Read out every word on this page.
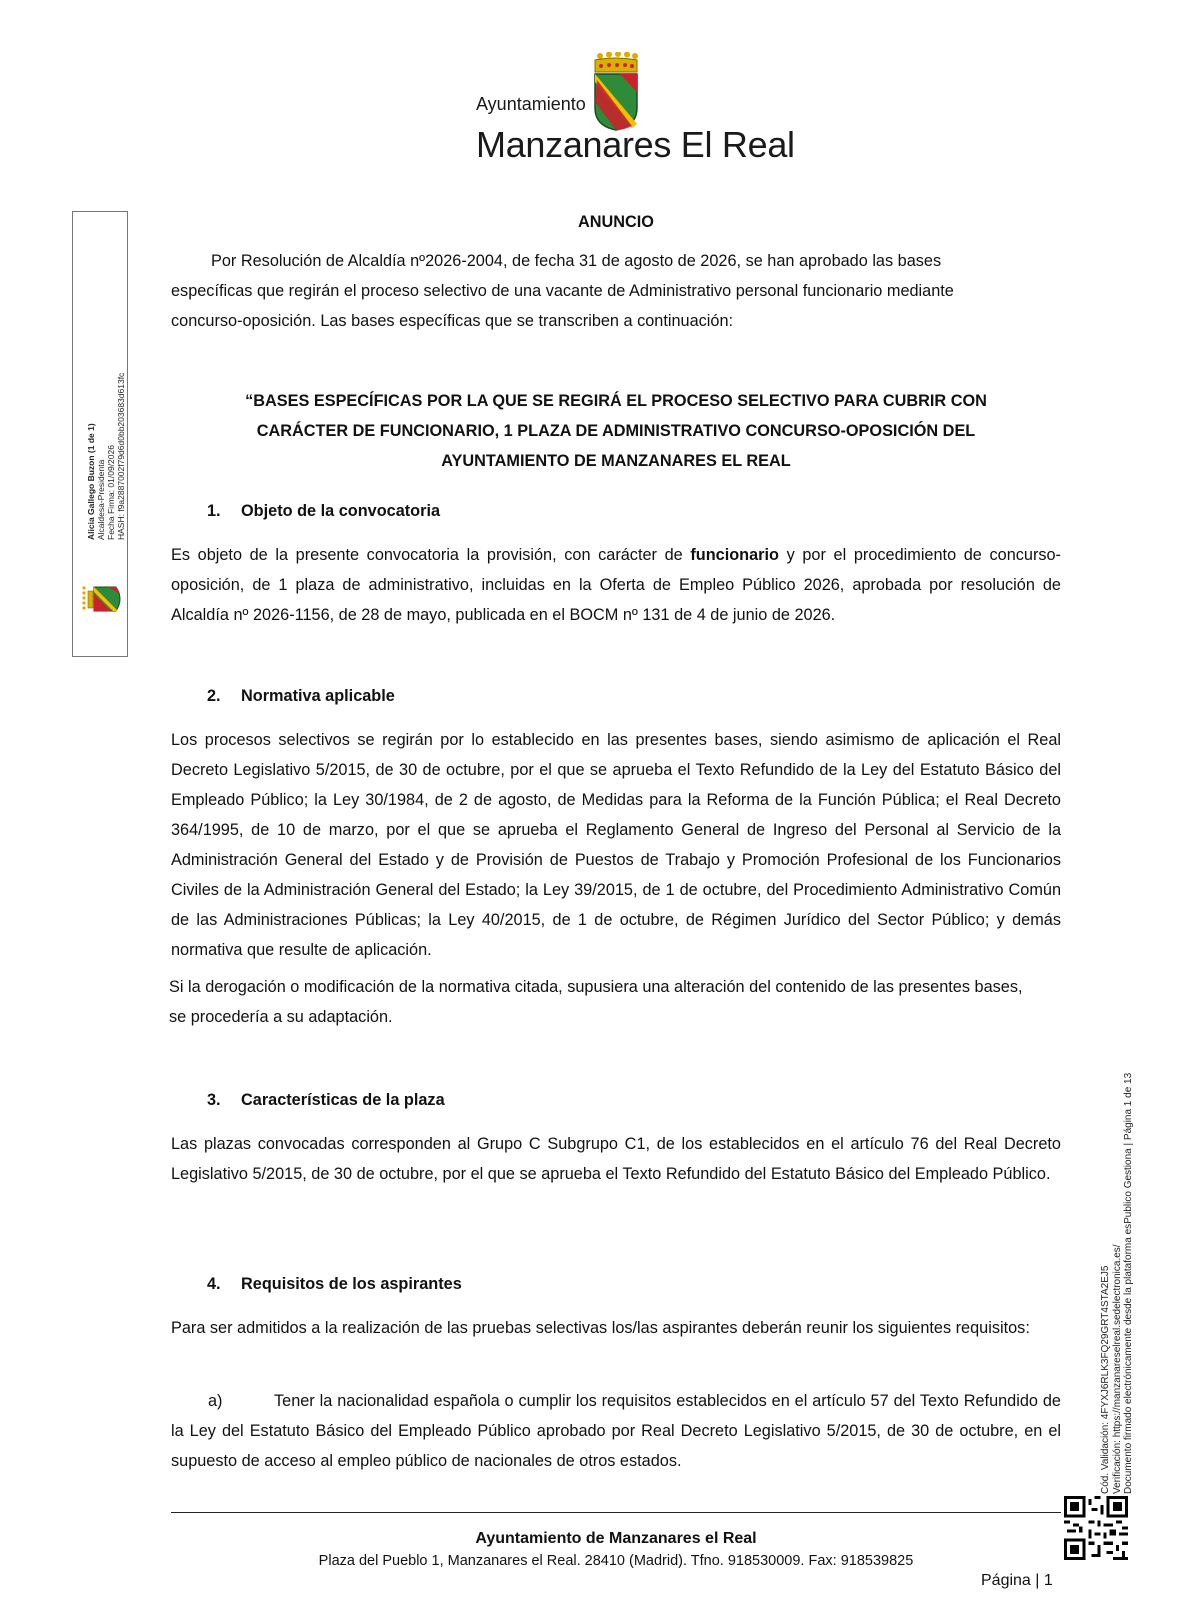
Ayuntamiento
Manzanares El Real
Alicia Gallego Buzon (1 de 1) Alcaldesa-Presidenta Fecha Firma: 01/09/2026 HASH: f9a2887002f79d6d0bb203683d613fc
ANUNCIO
Por Resolución de Alcaldía nº2026-2004, de fecha 31 de agosto de 2026, se han aprobado las bases específicas que regirán el proceso selectivo de una vacante de Administrativo personal funcionario mediante concurso-oposición. Las bases específicas que se transcriben a continuación:
“BASES ESPECÍFICAS POR LA QUE SE REGIRÁ EL PROCESO SELECTIVO PARA CUBRIR CON
CARÁCTER DE FUNCIONARIO, 1 PLAZA DE ADMINISTRATIVO CONCURSO-OPOSICIÓN DEL
AYUNTAMIENTO DE MANZANARES EL REAL
1. Objeto de la convocatoria
Es objeto de la presente convocatoria la provisión, con carácter de funcionario y por el procedimiento de concurso-oposición, de 1 plaza de administrativo, incluidas en la Oferta de Empleo Público 2026, aprobada por resolución de Alcaldía nº 2026-1156, de 28 de mayo, publicada en el BOCM nº 131 de 4 de junio de 2026.
2. Normativa aplicable
Los procesos selectivos se regirán por lo establecido en las presentes bases, siendo asimismo de aplicación el Real Decreto Legislativo 5/2015, de 30 de octubre, por el que se aprueba el Texto Refundido de la Ley del Estatuto Básico del Empleado Público; la Ley 30/1984, de 2 de agosto, de Medidas para la Reforma de la Función Pública; el Real Decreto 364/1995, de 10 de marzo, por el que se aprueba el Reglamento General de Ingreso del Personal al Servicio de la Administración General del Estado y de Provisión de Puestos de Trabajo y Promoción Profesional de los Funcionarios Civiles de la Administración General del Estado; la Ley 39/2015, de 1 de octubre, del Procedimiento Administrativo Común de las Administraciones Públicas; la Ley 40/2015, de 1 de octubre, de Régimen Jurídico del Sector Público; y demás normativa que resulte de aplicación.
Si la derogación o modificación de la normativa citada, supusiera una alteración del contenido de las presentes bases, se procedería a su adaptación.
3. Características de la plaza
Las plazas convocadas corresponden al Grupo C Subgrupo C1, de los establecidos en el artículo 76 del Real Decreto Legislativo 5/2015, de 30 de octubre, por el que se aprueba el Texto Refundido del Estatuto Básico del Empleado Público.
4. Requisitos de los aspirantes
Para ser admitidos a la realización de las pruebas selectivas los/las aspirantes deberán reunir los siguientes requisitos:
a)	Tener la nacionalidad española o cumplir los requisitos establecidos en el artículo 57 del Texto Refundido de la Ley del Estatuto Básico del Empleado Público aprobado por Real Decreto Legislativo 5/2015, de 30 de octubre, en el supuesto de acceso al empleo público de nacionales de otros estados.	Cód. Validación: 4FYXJ6RLK3FQ29GRT4STA2EJ5 Verificación: https://manzanareselreal.sedelectronica.es/ Documento firmado electrónicamente desde la plataforma esPublico Gestiona | Página 1 de 13
Ayuntamiento de Manzanares el Real
Plaza del Pueblo 1, Manzanares el Real. 28410 (Madrid). Tfno. 918530009. Fax: 918539825
Página | 1
